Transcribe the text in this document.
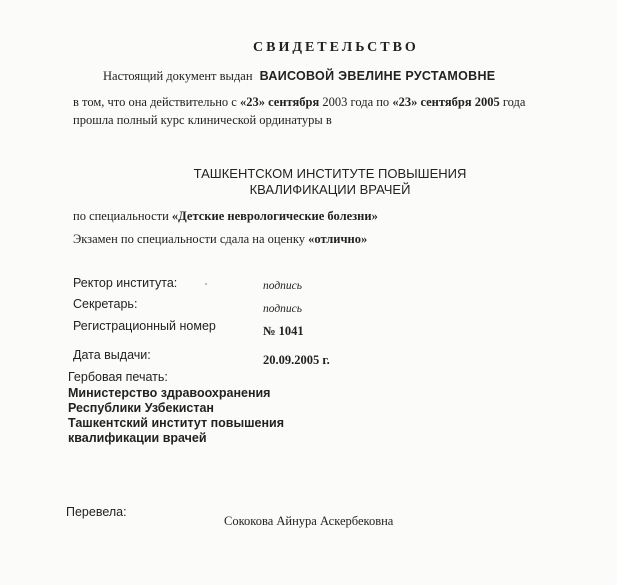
СВИДЕТЕЛЬСТВО
Настоящий документ выдан ВАИСОВОЙ ЭВЕЛИНЕ РУСТАМОВНЕ
в том, что она действительно с «23» сентября 2003 года по «23» сентября 2005 года
прошла полный курс клинической ординатуры в
ТАШКЕНТСКОМ ИНСТИТУТЕ ПОВЫШЕНИЯ
КВАЛИФИКАЦИИ ВРАЧЕЙ
по специальности «Детские неврологические болезни»
Экзамен по специальности сдала на оценку «отлично»
Ректор института:	подпись
Секретарь:	подпись
Регистрационный номер	№ 1041
Дата выдачи:	20.09.2005 г.
Гербовая печать:
Министерство здравоохранения
Республики Узбекистан
Ташкентский институт повышения
квалификации врачей
Перевела:
Сококова Айнура Аскербековна
